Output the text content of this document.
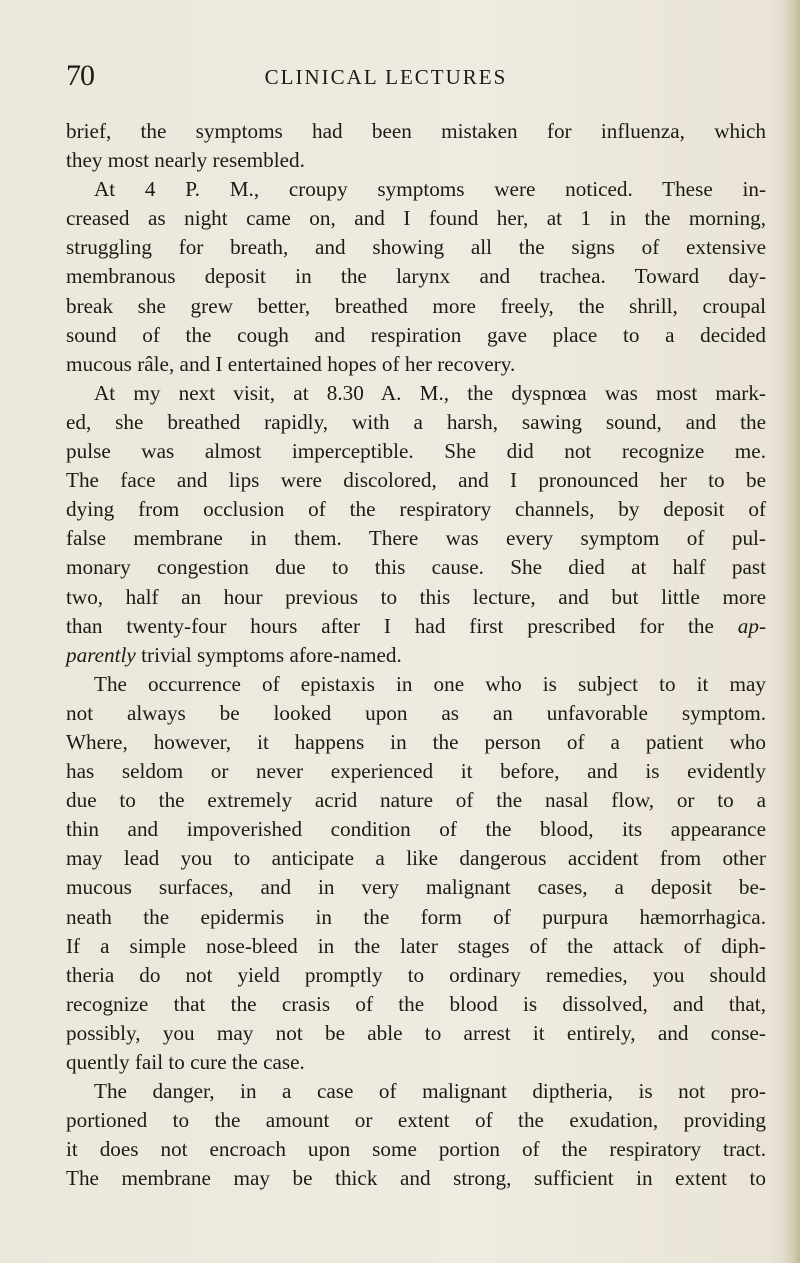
70	CLINICAL LECTURES
brief, the symptoms had been mistaken for influenza, which
they most nearly resembled.
At 4 P. M., croupy symptoms were noticed. These in-
creased as night came on, and I found her, at 1 in the morning,
struggling for breath, and showing all the signs of extensive
membranous deposit in the larynx and trachea. Toward day-
break she grew better, breathed more freely, the shrill, croupal
sound of the cough and respiration gave place to a decided
mucous râle, and I entertained hopes of her recovery.
At my next visit, at 8.30 A. M., the dyspnœa was most mark-
ed, she breathed rapidly, with a harsh, sawing sound, and the
pulse was almost imperceptible. She did not recognize me.
The face and lips were discolored, and I pronounced her to be
dying from occlusion of the respiratory channels, by deposit of
false membrane in them. There was every symptom of pul-
monary congestion due to this cause. She died at half past
two, half an hour previous to this lecture, and but little more
than twenty-four hours after I had first prescribed for the ap-
parently trivial symptoms afore-named.
The occurrence of epistaxis in one who is subject to it may
not always be looked upon as an unfavorable symptom.
Where, however, it happens in the person of a patient who
has seldom or never experienced it before, and is evidently
due to the extremely acrid nature of the nasal flow, or to a
thin and impoverished condition of the blood, its appearance
may lead you to anticipate a like dangerous accident from other
mucous surfaces, and in very malignant cases, a deposit be-
neath the epidermis in the form of purpura hæmorrhagica.
If a simple nose-bleed in the later stages of the attack of diph-
theria do not yield promptly to ordinary remedies, you should
recognize that the crasis of the blood is dissolved, and that,
possibly, you may not be able to arrest it entirely, and conse-
quently fail to cure the case.
The danger, in a case of malignant diptheria, is not pro-
portioned to the amount or extent of the exudation, providing
it does not encroach upon some portion of the respiratory tract.
The membrane may be thick and strong, sufficient in extent to
